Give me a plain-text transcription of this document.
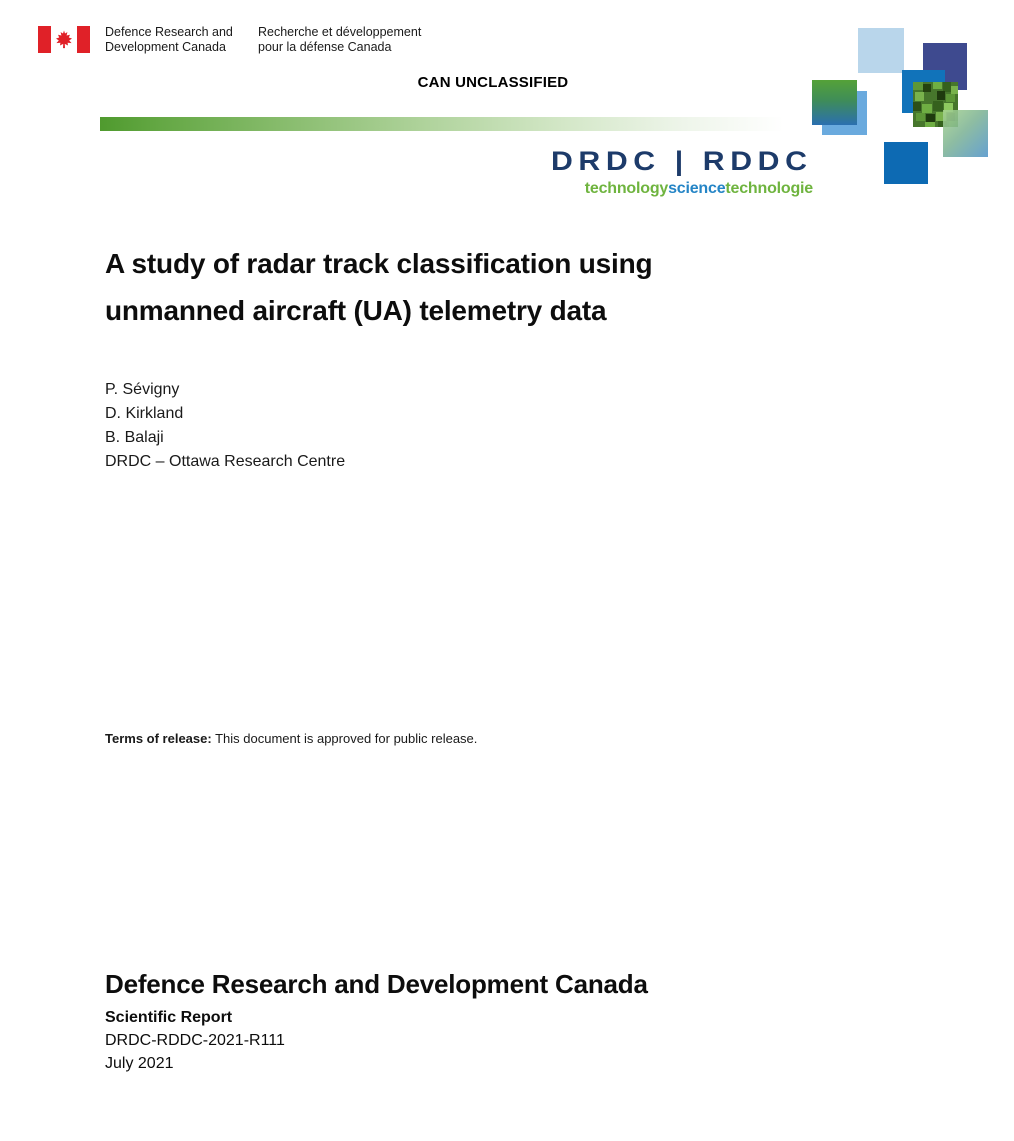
Defence Research and
Development Canada
Recherche et développement
pour la défense Canada
CAN UNCLASSIFIED
DRDC | RDDC
technologysciencetechnologie
A study of radar track classification using
unmanned aircraft (UA) telemetry data
P. Sévigny
D. Kirkland
B. Balaji
DRDC – Ottawa Research Centre

Terms of release: This document is approved for public release.

Defence Research and Development Canada
Scientific Report
DRDC-RDDC-2021-R111
July 2021
